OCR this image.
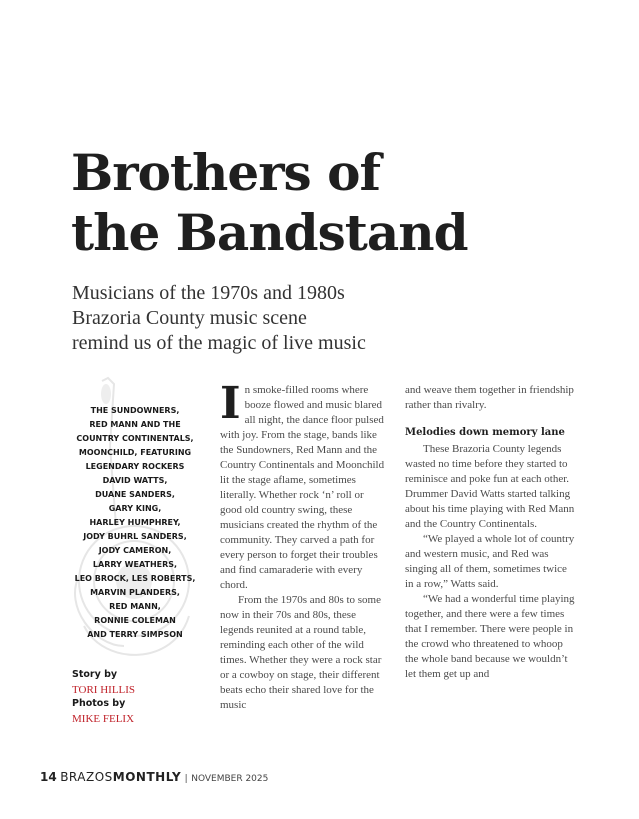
Brothers of
the Bandstand
Musicians of the 1970s and 1980s
Brazoria County music scene
remind us of the magic of live music
THE SUNDOWNERS,
RED MANN AND THE
COUNTRY CONTINENTALS,
MOONCHILD, FEATURING
LEGENDARY ROCKERS
DAVID WATTS,
DUANE SANDERS,
GARY KING,
HARLEY HUMPHREY,
JODY BUHRL SANDERS,
JODY CAMERON,
LARRY WEATHERS,
LEO BROCK, LES ROBERTS,
MARVIN PLANDERS,
RED MANN,
RONNIE COLEMAN
AND TERRY SIMPSON
Story by
TORI HILLIS
Photos by
MIKE FELIX

In smoke-filled rooms where booze flowed and music blared all night, the dance floor pulsed with joy. From the stage, bands like the Sundowners, Red Mann and the Country Continentals and Moonchild lit the stage aflame, sometimes literally. Whether rock ‘n’ roll or good old country swing, these musicians created the rhythm of the community. They carved a path for every person to forget their troubles and find camaraderie with every chord.

From the 1970s and 80s to some now in their 70s and 80s, these legends reunited at a round table, reminding each other of the wild times. Whether they were a rock star or a cowboy on stage, their different beats echo their shared love for the music

and weave them together in friendship rather than rivalry.

Melodies down memory lane

These Brazoria County legends wasted no time before they started to reminisce and poke fun at each other. Drummer David Watts started talking about his time playing with Red Mann and the Country Continentals.

“We played a whole lot of country and western music, and Red was singing all of them, sometimes twice in a row,” Watts said.

“We had a wonderful time playing together, and there were a few times that I remember. There were people in the crowd who threatened to whoop the whole band because we wouldn’t let them get up and

14 BRAZOSMONTHLY | NOVEMBER 2025
